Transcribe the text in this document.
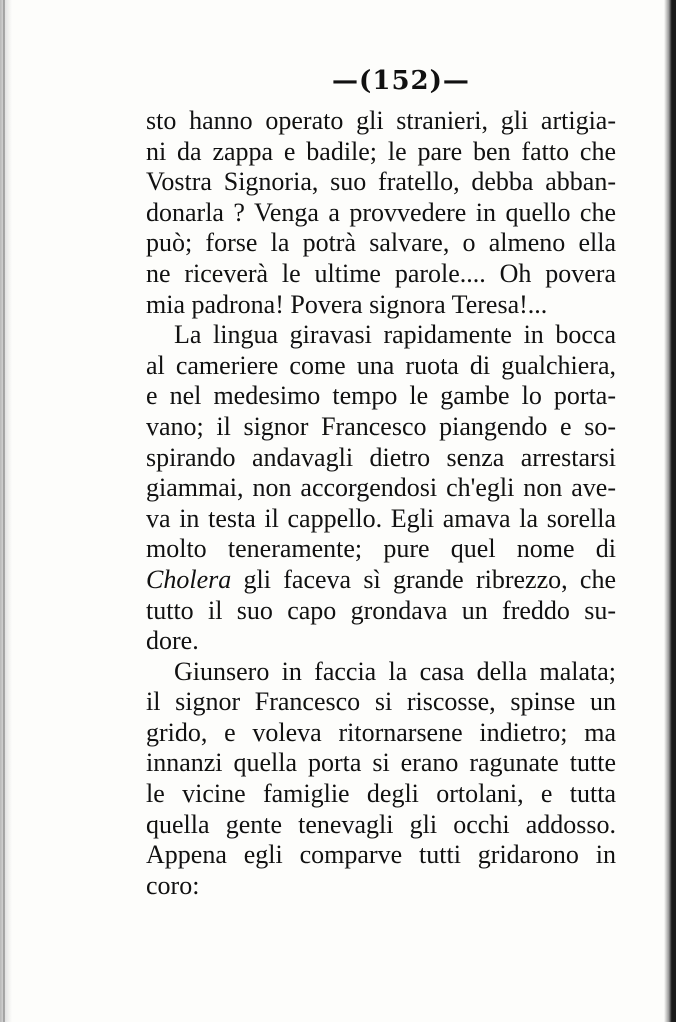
—(152)—
sto hanno operato gli stranieri, gli artigia-
ni da zappa e badile; le pare ben fatto che
Vostra Signoria, suo fratello, debba abban-
donarla ? Venga a provvedere in quello che
può; forse la potrà salvare, o almeno ella
ne riceverà le ultime parole.... Oh povera
mia padrona! Povera signora Teresa!...
La lingua giravasi rapidamente in bocca
al cameriere come una ruota di gualchiera,
e nel medesimo tempo le gambe lo porta-
vano; il signor Francesco piangendo e so-
spirando andavagli dietro senza arrestarsi
giammai, non accorgendosi ch'egli non ave-
va in testa il cappello. Egli amava la sorella
molto teneramente; pure quel nome di
Cholera gli faceva sì grande ribrezzo, che
tutto il suo capo grondava un freddo su-
dore.
Giunsero in faccia la casa della malata;
il signor Francesco si riscosse, spinse un
grido, e voleva ritornarsene indietro; ma
innanzi quella porta si erano ragunate tutte
le vicine famiglie degli ortolani, e tutta
quella gente tenevagli gli occhi addosso.
Appena egli comparve tutti gridarono in
coro:
